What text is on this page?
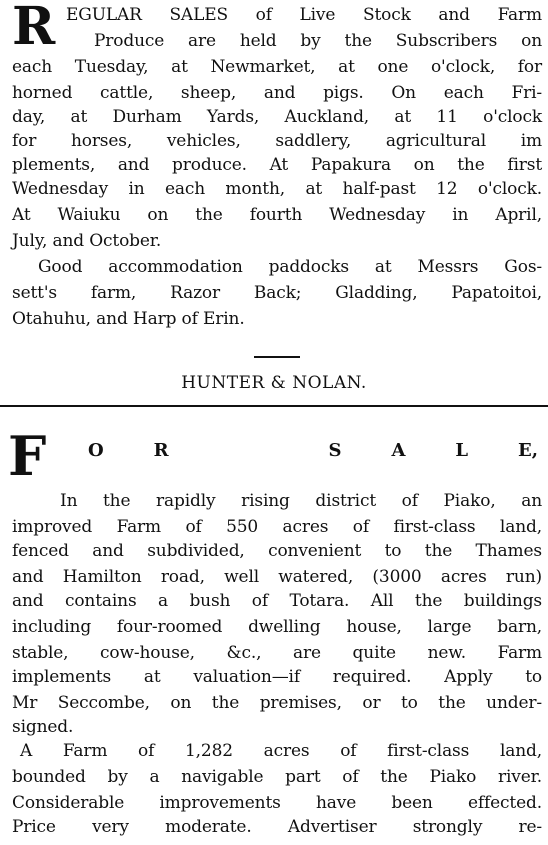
R EGULAR SALES of Live Stock and Farm
Produce are held by the Subscribers on
each Tuesday, at Newmarket, at one o'clock, for
horned cattle, sheep, and pigs. On each Fri-
day, at Durham Yards, Auckland, at 11 o'clock
for horses, vehicles, saddlery, agricultural im
plements, and produce. At Papakura on the first
Wednesday in each month, at half-past 12 o'clock.
At Waiuku on the fourth Wednesday in April,
July, and October.
Good accommodation paddocks at Messrs Gos-
sett's farm, Razor Back; Gladding, Papatoitoi,
Otahuhu, and Harp of Erin.
HUNTER & NOLAN.
F O	R	S	A	L	E,
In the rapidly rising district of Piako, an
improved Farm of 550 acres of first-class land,
fenced and subdivided, convenient to the Thames
and Hamilton road, well watered, (3000 acres run)
and contains a bush of Totara. All the buildings
including four-roomed dwelling house, large barn,
stable, cow-house, &c., are quite new. Farm
implements at valuation—if required. Apply to
Mr Seccombe, on the premises, or to the under-
signed.
A Farm of 1,282 acres of first-class land,
bounded by a navigable part of the Piako river.
Considerable improvements have been effected.
Price very moderate. Advertiser strongly re-
